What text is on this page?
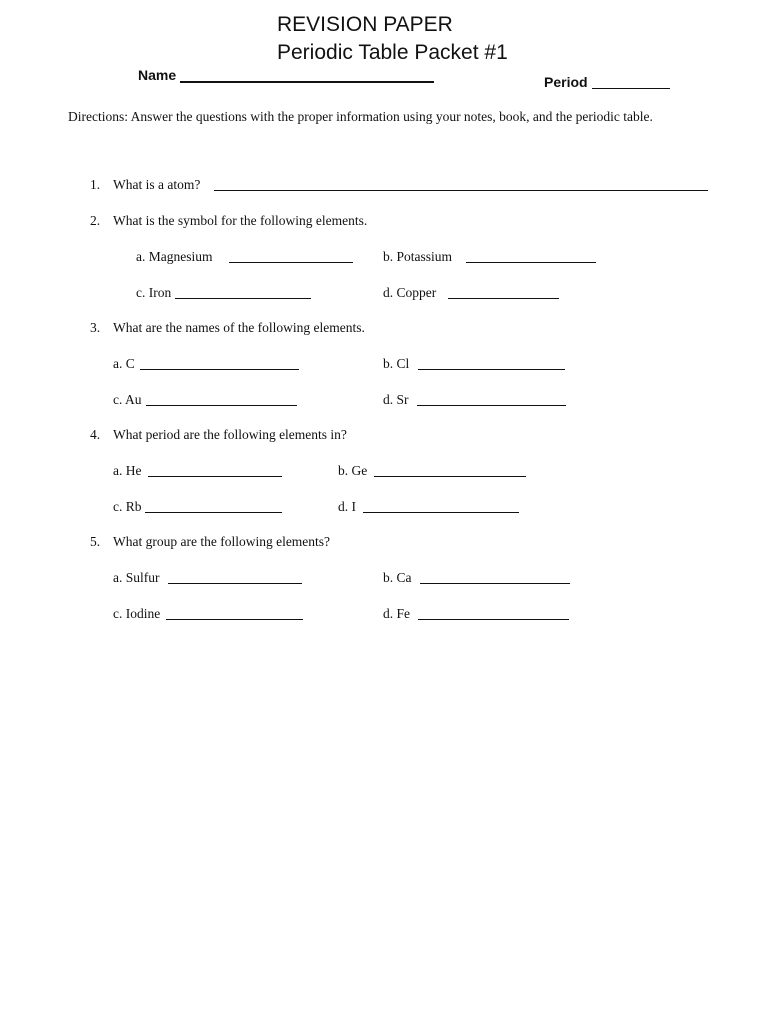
REVISION PAPER
Periodic Table Packet #1
Name	Period
Directions: Answer the questions with the proper information using your notes, book, and the periodic table.
1. What is a atom?
2. What is the symbol for the following elements.
a. Magnesium	b. Potassium
c. Iron	d. Copper
3. What are the names of the following elements.
a. C	b. Cl
c. Au	d. Sr
4. What period are the following elements in?
a. He	b. Ge
c. Rb	d. I
5. What group are the following elements?
a. Sulfur	b. Ca
c. Iodine	d. Fe
